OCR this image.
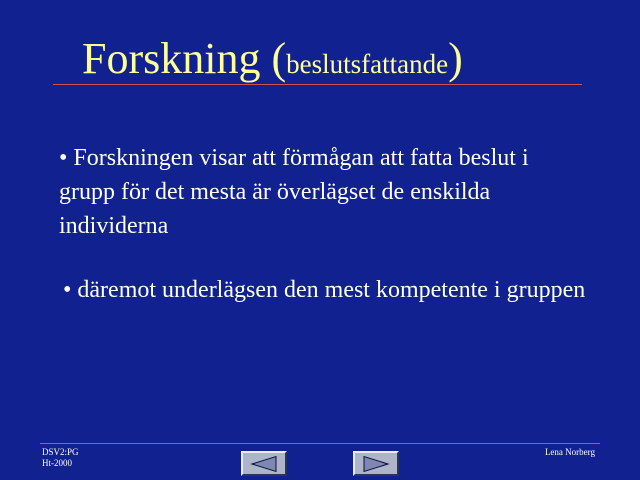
Forskning (beslutsfattande)
• Forskningen visar att förmågan att fatta beslut i grupp för det mesta är överlägset de enskilda individerna
• däremot underlägsen den mest kompetente i gruppen
DSV2:PG
Ht-2000
Lena Norberg
